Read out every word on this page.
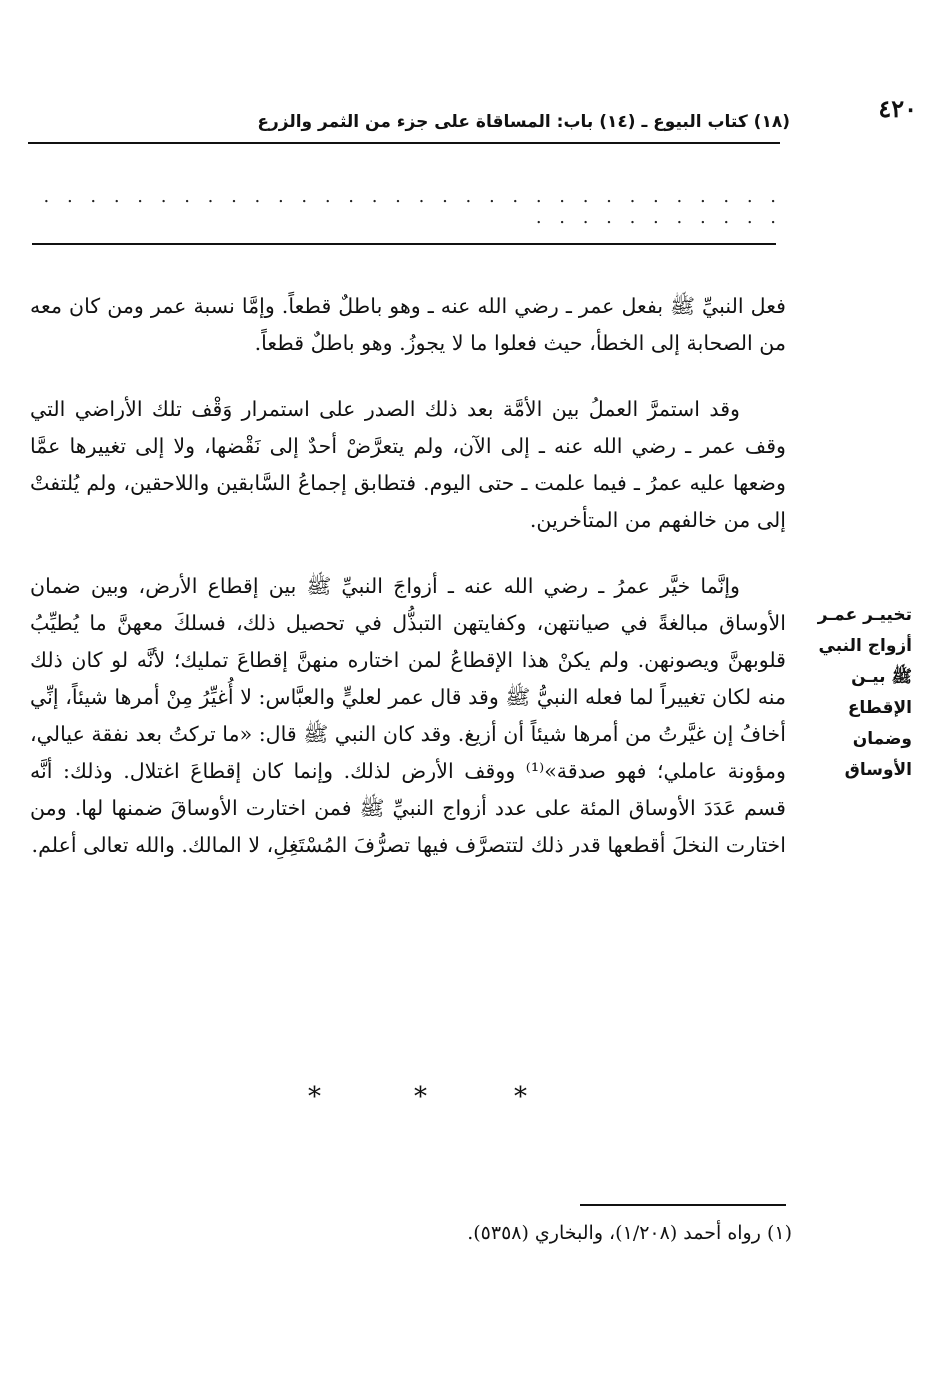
٤٢٠
(١٨) كتاب البيوع ـ (١٤) باب: المساقاة على جزء من الثمر والزرع
. . . . . . . . . . . . . . . . . . . . . . . . . . . . . . . . . . . . . . . . . . .

فعل النبيِّ ﷺ بفعل عمر ـ رضي الله عنه ـ وهو باطلٌ قطعاً. وإمَّا نسبة عمر ومن كان معه من الصحابة إلى الخطأ، حيث فعلوا ما لا يجوزُ. وهو باطلٌ قطعاً.

وقد استمرَّ العملُ بين الأمَّة بعد ذلك الصدر على استمرار وَقْف تلك الأراضي التي وقف عمر ـ رضي الله عنه ـ إلى الآن، ولم يتعرَّضْ أحدٌ إلى نَقْضها، ولا إلى تغييرها عمَّا وضعها عليه عمرُ ـ فيما علمت ـ حتى اليوم. فتطابق إجماعُ السَّابقين واللاحقين، ولم يُلتفتْ إلى من خالفهم من المتأخرين.

وإنَّما خيَّر عمرُ ـ رضي الله عنه ـ أزواجَ النبيِّ ﷺ بين إقطاع الأرض، وبين ضمان الأوساق مبالغةً في صيانتهن، وكفايتهن التبذُّل في تحصيل ذلك، فسلكَ معهنَّ ما يُطيِّبُ قلوبهنَّ ويصونهن. ولم يكنْ هذا الإقطاعُ لمن اختاره منهنَّ إقطاعَ تمليك؛ لأنَّه لو كان ذلك منه لكان تغييراً لما فعله النبيُّ ﷺ وقد قال عمر لعليٍّ والعبَّاس: لا أُغيِّرُ مِنْ أمرها شيئاً، إنِّي أخافُ إن غيَّرتُ من أمرها شيئاً أن أزيغ. وقد كان النبي ﷺ قال: «ما تركتُ بعد نفقة عيالي، ومؤونة عاملي؛ فهو صدقة»⁽¹⁾ ووقف الأرض لذلك. وإنما كان إقطاعَ اغتلال. وذلك: أنَّه قسم عَدَدَ الأوساق المئة على عدد أزواج النبيِّ ﷺ فمن اختارت الأوساقَ ضمنها لها. ومن اختارت النخلَ أقطعها قدر ذلك لتتصرَّف فيها تصرُّفَ المُسْتَغِلِ، لا المالك. والله تعالى أعلم.

تخييـر عمـر أزواج النبي ﷺ بيـن الإقطاع وضمان الأوساق
*	*	*
(١) رواه أحمد (١/٢٠٨)، والبخاري (٥٣٥٨).
